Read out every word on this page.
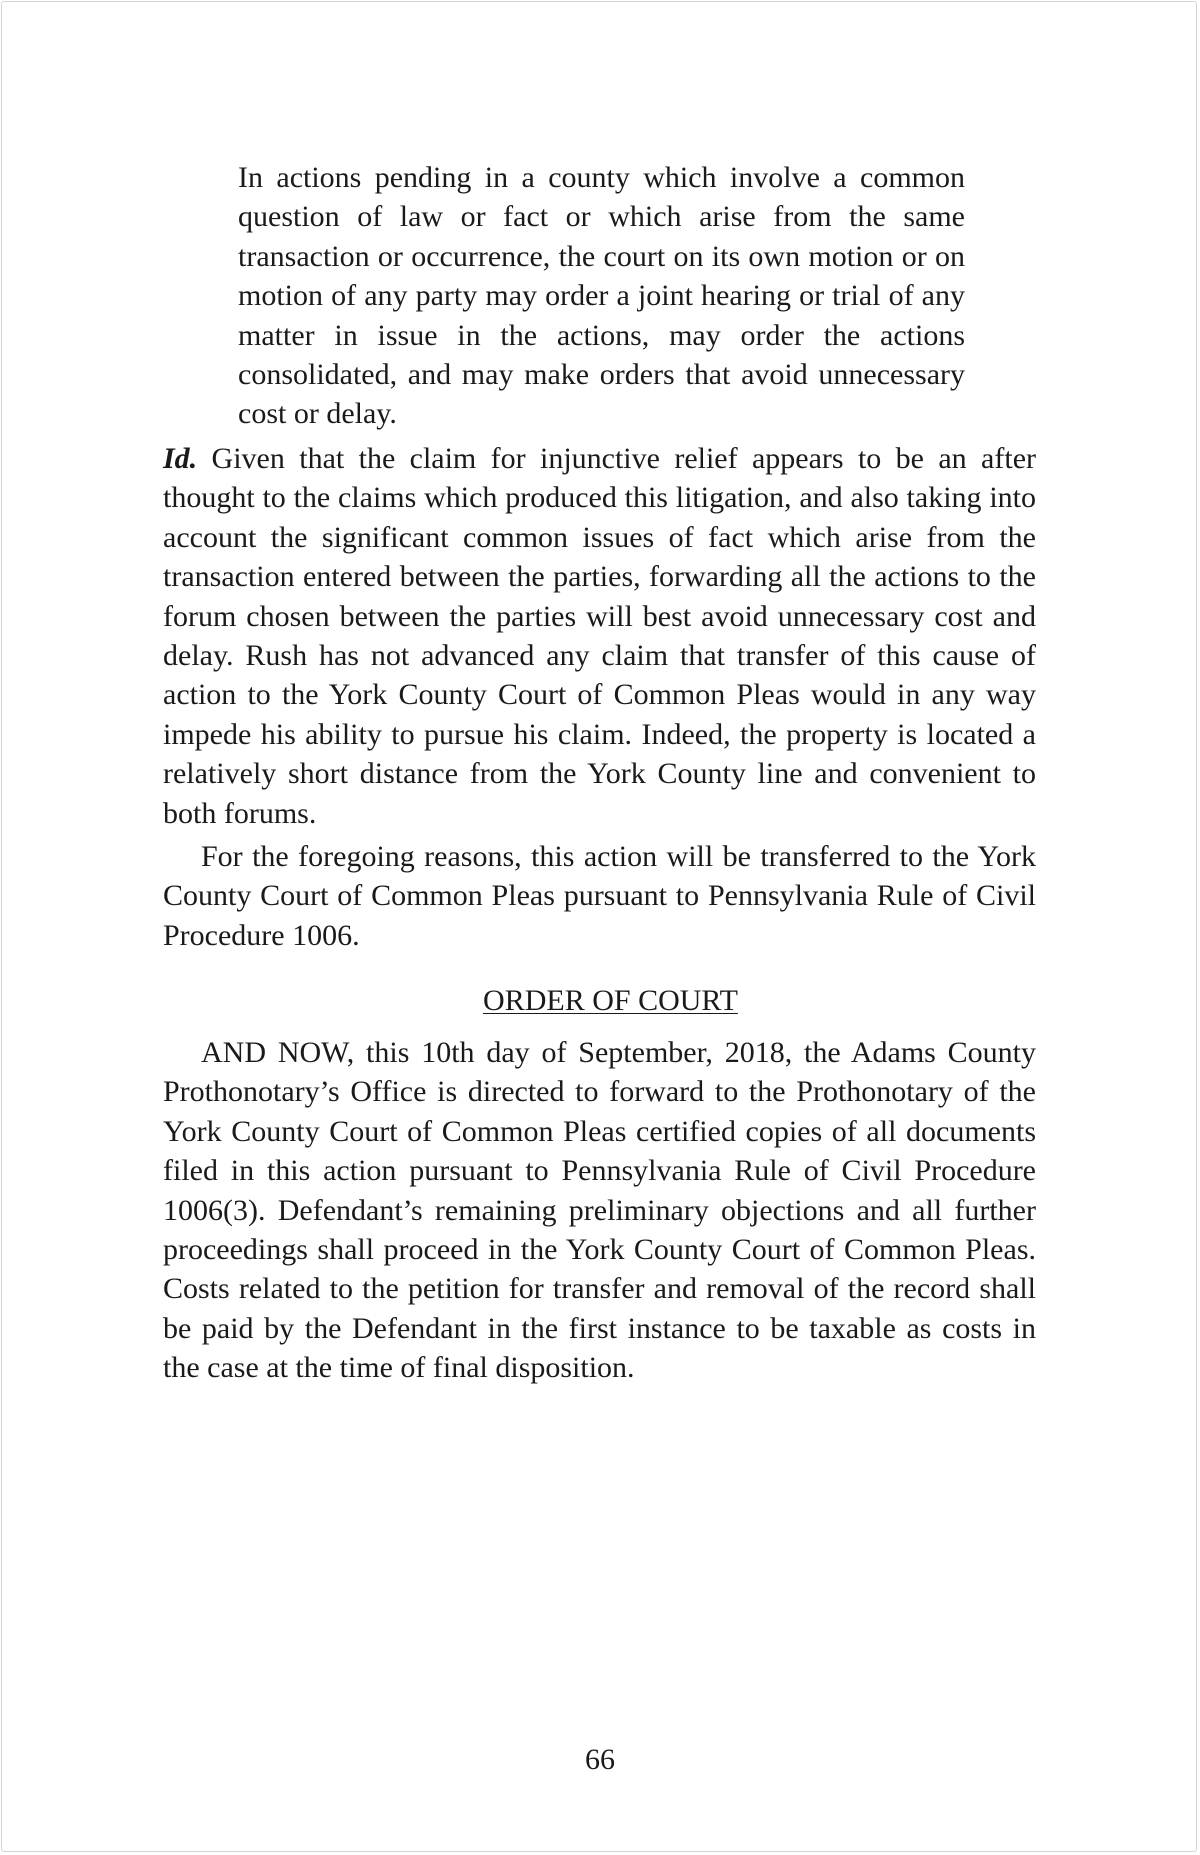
In actions pending in a county which involve a common question of law or fact or which arise from the same transaction or occurrence, the court on its own motion or on motion of any party may order a joint hearing or trial of any matter in issue in the actions, may order the actions consolidated, and may make orders that avoid unnecessary cost or delay.
Id. Given that the claim for injunctive relief appears to be an after thought to the claims which produced this litigation, and also taking into account the significant common issues of fact which arise from the transaction entered between the parties, forwarding all the actions to the forum chosen between the parties will best avoid unnecessary cost and delay. Rush has not advanced any claim that transfer of this cause of action to the York County Court of Common Pleas would in any way impede his ability to pursue his claim. Indeed, the property is located a relatively short distance from the York County line and convenient to both forums.
For the foregoing reasons, this action will be transferred to the York County Court of Common Pleas pursuant to Pennsylvania Rule of Civil Procedure 1006.
ORDER OF COURT
AND NOW, this 10th day of September, 2018, the Adams County Prothonotary’s Office is directed to forward to the Prothonotary of the York County Court of Common Pleas certified copies of all documents filed in this action pursuant to Pennsylvania Rule of Civil Procedure 1006(3). Defendant’s remaining preliminary objections and all further proceedings shall proceed in the York County Court of Common Pleas. Costs related to the petition for transfer and removal of the record shall be paid by the Defendant in the first instance to be taxable as costs in the case at the time of final disposition.
66
